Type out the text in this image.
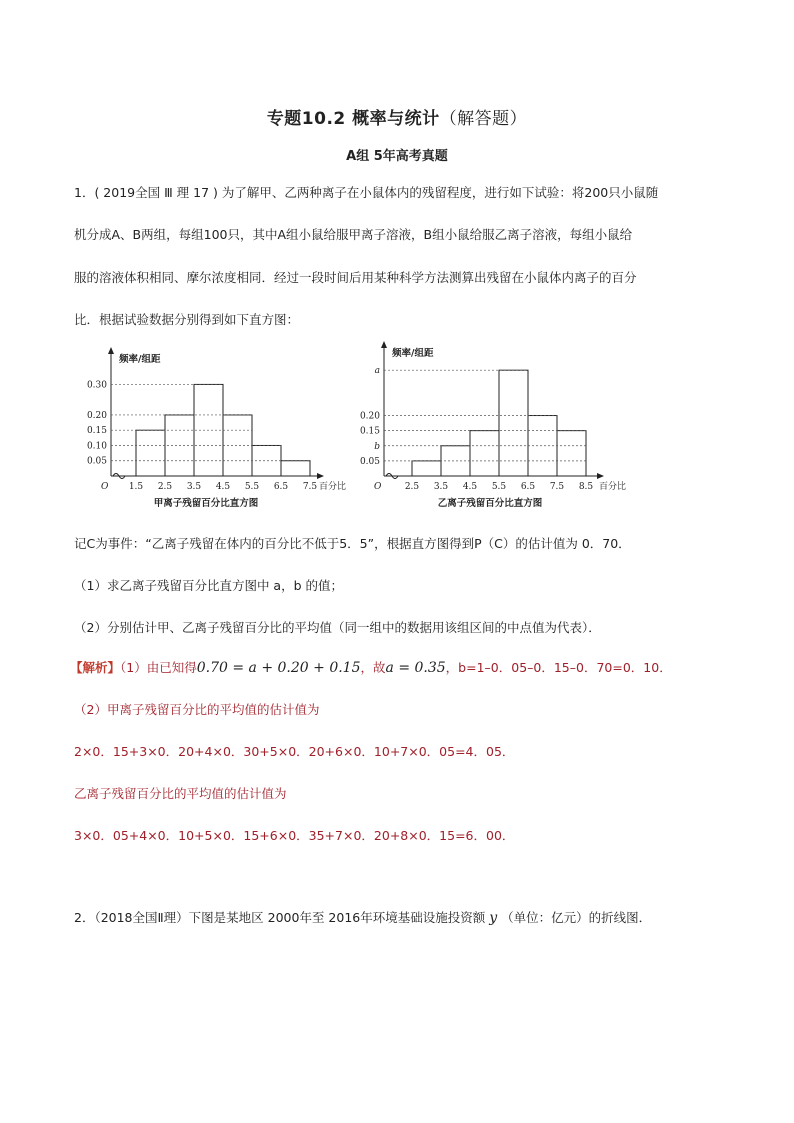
专题10.2 概率与统计（解答题）
A组 5年高考真题
1．( 2019全国 Ⅲ 理 17 ) 为了解甲、乙两种离子在小鼠体内的残留程度，进行如下试验：将200只小鼠随
机分成A、B两组，每组100只，其中A组小鼠给服甲离子溶液，B组小鼠给服乙离子溶液，每组小鼠给
服的溶液体积相同、摩尔浓度相同．经过一段时间后用某种科学方法测算出残留在小鼠体内离子的百分
比．根据试验数据分别得到如下直方图：
0.05
0.10
0.15
0.20
0.30
1.5 2.5 3.5 4.5 5.5 6.5 7.5
频率/组距
百分比
O
甲离子残留百分比直方图
0.05
b
0.15
0.20
a
2.5 3.5 4.5 5.5 6.5 7.5 8.5
频率/组距
百分比
O
乙离子残留百分比直方图
记C为事件：“乙离子残留在体内的百分比不低于5．5”，根据直方图得到P（C）的估计值为 0．70．
（1）求乙离子残留百分比直方图中 a，b 的值；
（2）分别估计甲、乙离子残留百分比的平均值（同一组中的数据用该组区间的中点值为代表）．
【解析】（1）由已知得0.70 = a + 0.20 + 0.15，故a = 0.35，b=1–0．05–0．15–0．70=0．10．
（2）甲离子残留百分比的平均值的估计值为
2×0．15+3×0．20+4×0．30+5×0．20+6×0．10+7×0．05=4．05．
乙离子残留百分比的平均值的估计值为
3×0．05+4×0．10+5×0．15+6×0．35+7×0．20+8×0．15=6．00．
2．（2018全国Ⅱ理）下图是某地区 2000年至 2016年环境基础设施投资额 y （单位：亿元）的折线图．
